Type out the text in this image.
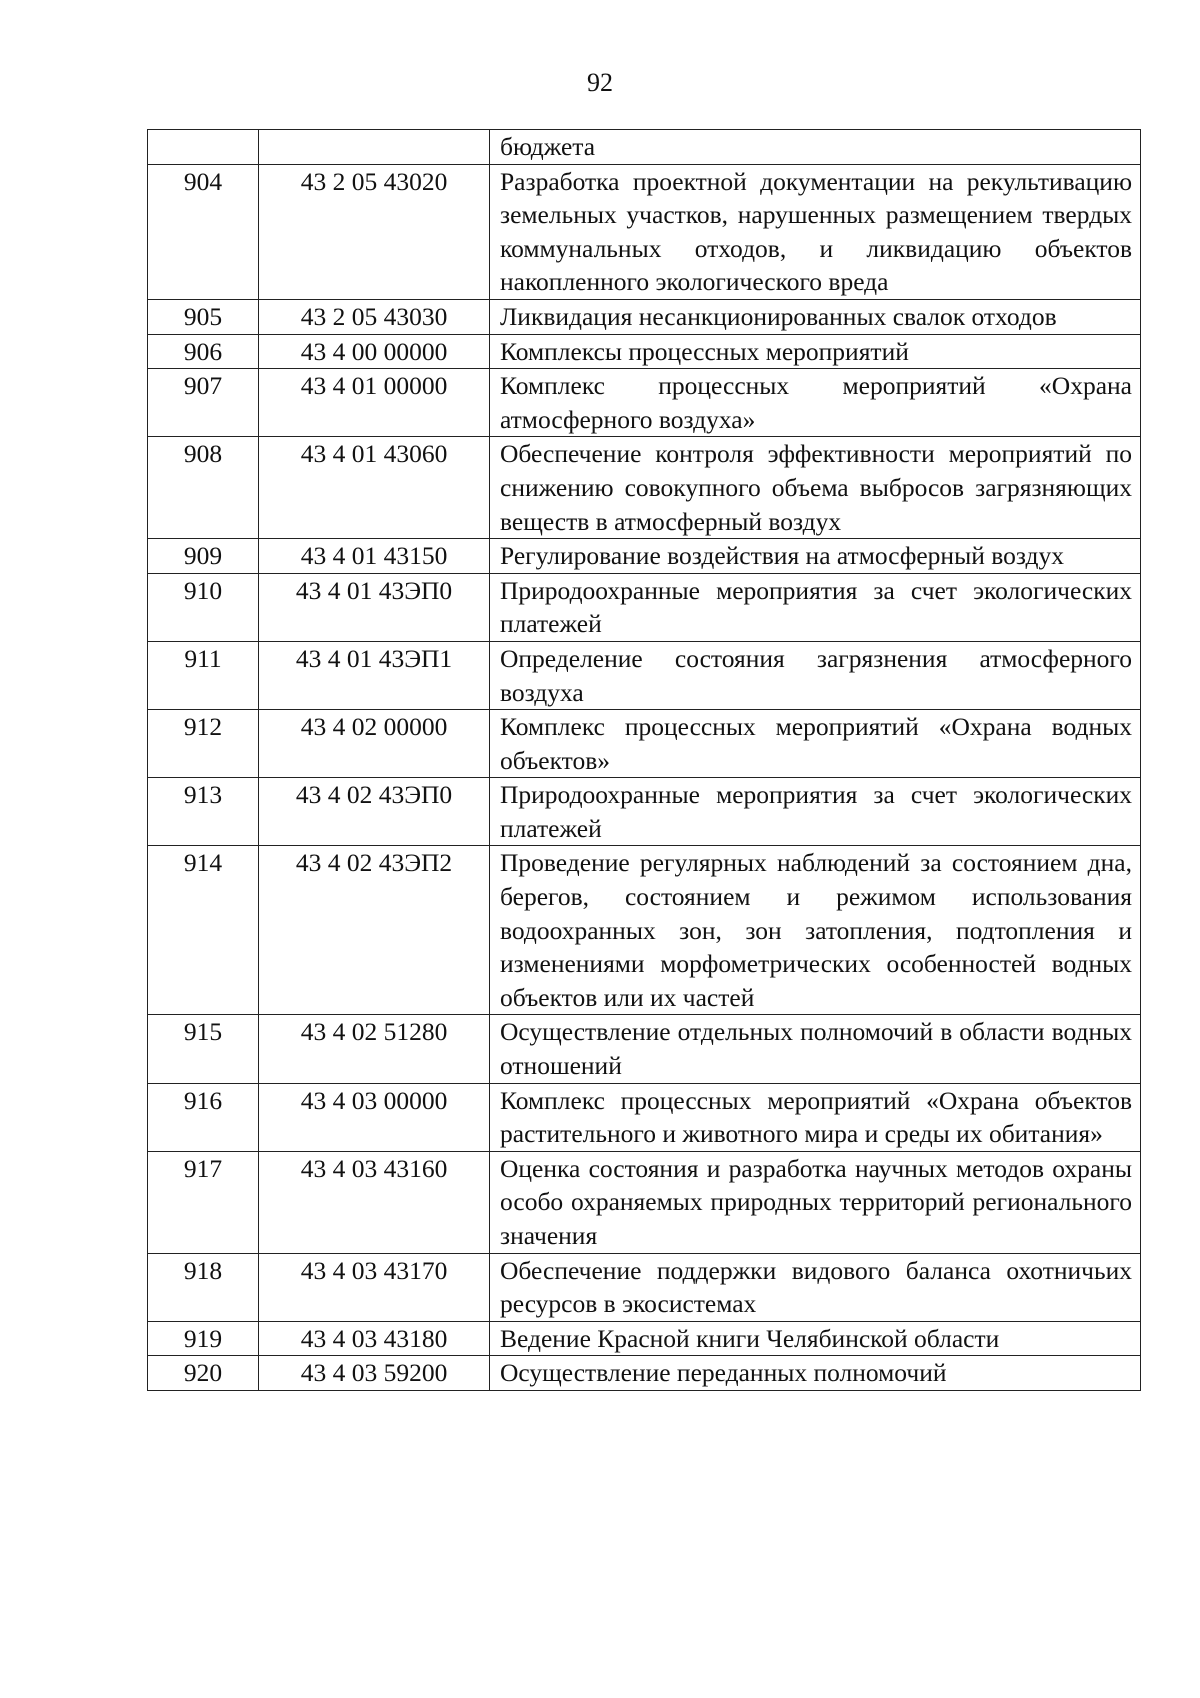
92
		бюджета
904	43 2 05 43020	Разработка проектной документации на рекультивацию земельных участков, нарушенных размещением твердых коммунальных отходов, и ликвидацию объектов накопленного экологического вреда
905	43 2 05 43030	Ликвидация несанкционированных свалок отходов
906	43 4 00 00000	Комплексы процессных мероприятий
907	43 4 01 00000	Комплекс процессных мероприятий «Охрана атмосферного воздуха»
908	43 4 01 43060	Обеспечение контроля эффективности мероприятий по снижению совокупного объема выбросов загрязняющих веществ в атмосферный воздух
909	43 4 01 43150	Регулирование воздействия на атмосферный воздух
910	43 4 01 43ЭП0	Природоохранные мероприятия за счет экологических платежей
911	43 4 01 43ЭП1	Определение состояния загрязнения атмосферного воздуха
912	43 4 02 00000	Комплекс процессных мероприятий «Охрана водных объектов»
913	43 4 02 43ЭП0	Природоохранные мероприятия за счет экологических платежей
914	43 4 02 43ЭП2	Проведение регулярных наблюдений за состоянием дна, берегов, состоянием и режимом использования водоохранных зон, зон затопления, подтопления и изменениями морфометрических особенностей водных объектов или их частей
915	43 4 02 51280	Осуществление отдельных полномочий в области водных отношений
916	43 4 03 00000	Комплекс процессных мероприятий «Охрана объектов растительного и животного мира и среды их обитания»
917	43 4 03 43160	Оценка состояния и разработка научных методов охраны особо охраняемых природных территорий регионального значения
918	43 4 03 43170	Обеспечение поддержки видового баланса охотничьих ресурсов в экосистемах
919	43 4 03 43180	Ведение Красной книги Челябинской области
920	43 4 03 59200	Осуществление переданных полномочий
